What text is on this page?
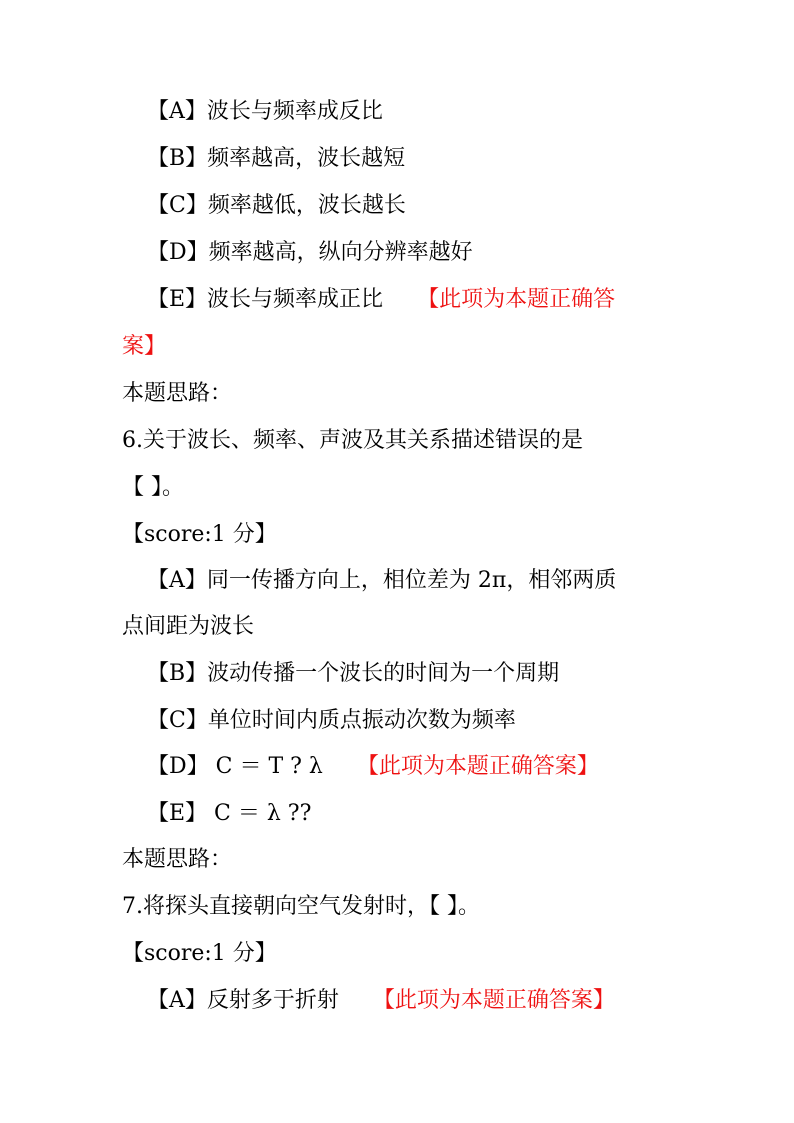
【A】波长与频率成反比
【B】频率越高，波长越短
【C】频率越低，波长越长
【D】频率越高，纵向分辨率越好
【E】波长与频率成正比 【此项为本题正确答
案】
本题思路：
6.关于波长、频率、声波及其关系描述错误的是
【 】。
【score:1 分】
【A】同一传播方向上，相位差为 2π，相邻两质
点间距为波长
【B】波动传播一个波长的时间为一个周期
【C】单位时间内质点振动次数为频率
【D】 C ＝ T ? λ 【此项为本题正确答案】
【E】 C ＝ λ ??
本题思路：
7.将探头直接朝向空气发射时，【 】。
【score:1 分】
【A】反射多于折射 【此项为本题正确答案】
